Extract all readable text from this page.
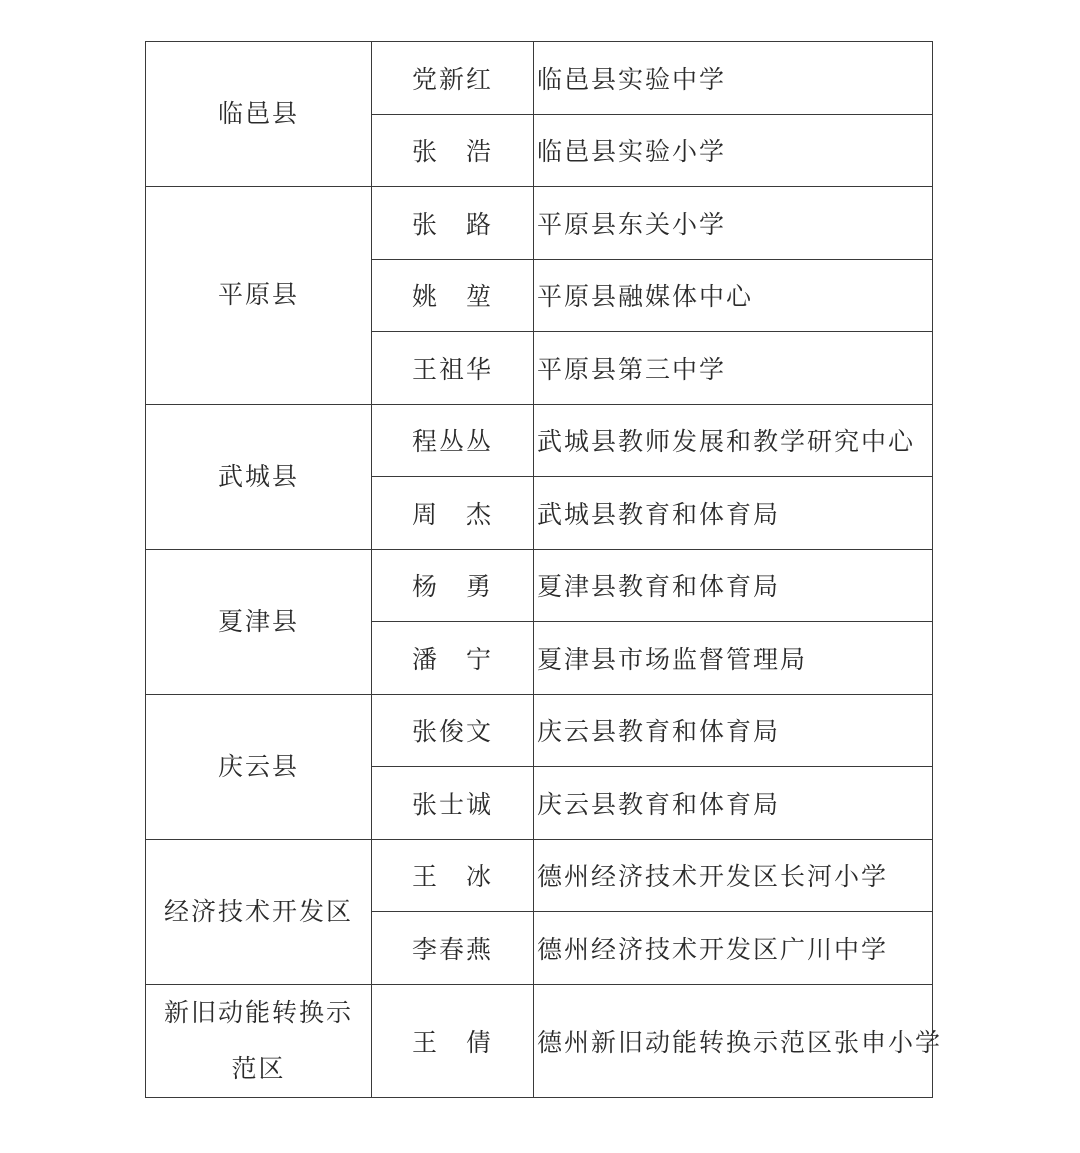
临邑县	党新红	临邑县实验中学
	张　浩	临邑县实验小学
平原县	张　路	平原县东关小学
	姚　堃	平原县融媒体中心
	王祖华	平原县第三中学
武城县	程丛丛	武城县教师发展和教学研究中心
	周　杰	武城县教育和体育局
夏津县	杨　勇	夏津县教育和体育局
	潘　宁	夏津县市场监督管理局
庆云县	张俊文	庆云县教育和体育局
	张士诚	庆云县教育和体育局
经济技术开发区	王　冰	德州经济技术开发区长河小学
	李春燕	德州经济技术开发区广川中学
新旧动能转换示范区	王　倩	德州新旧动能转换示范区张申小学
